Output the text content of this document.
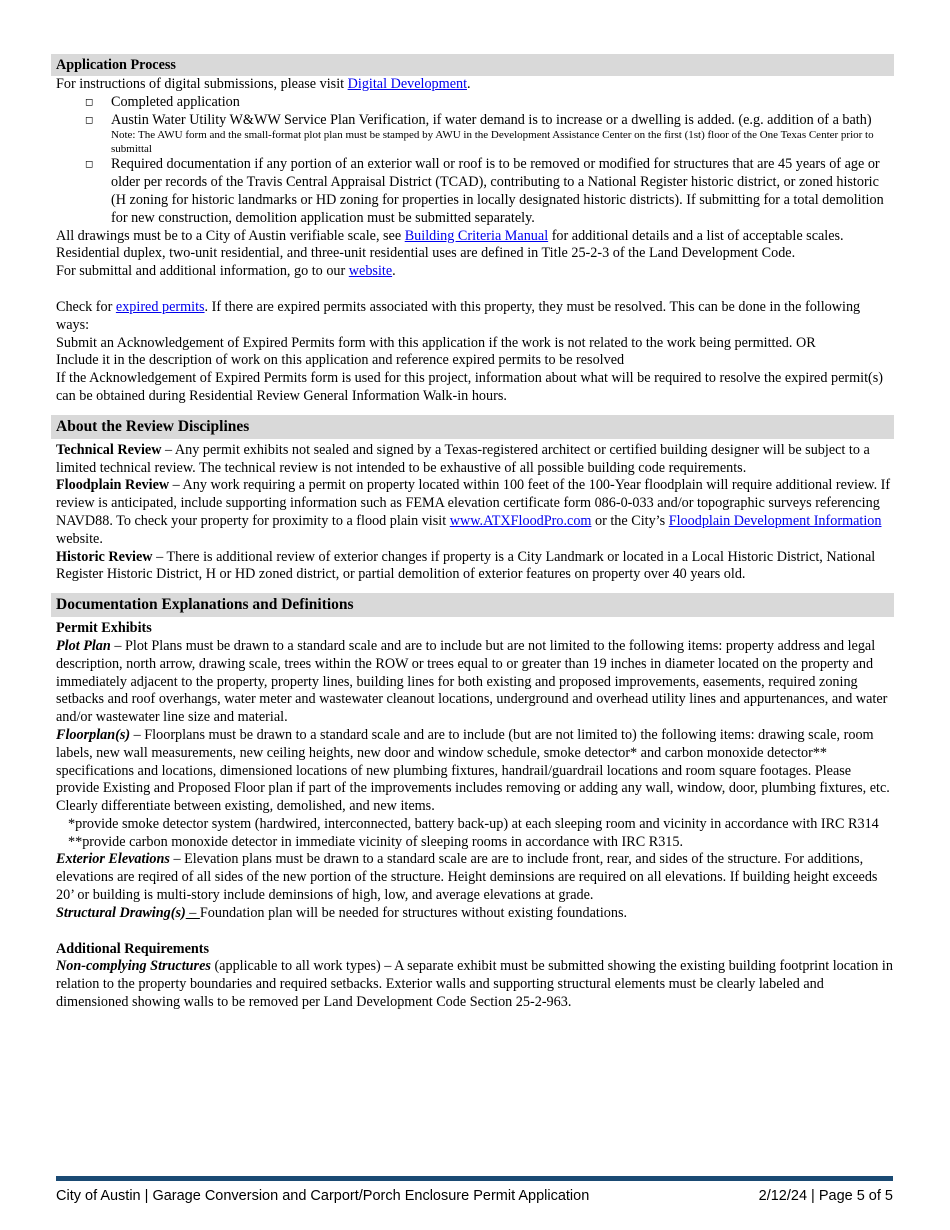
Application Process

For instructions of digital submissions, please visit Digital Development.

◻ Completed application
◻ Austin Water Utility W&WW Service Plan Verification, if water demand is to increase or a dwelling is added. (e.g. addition of a bath)
Note: The AWU form and the small-format plot plan must be stamped by AWU in the Development Assistance Center on the first (1st) floor of the One Texas Center prior to submittal
◻ Required documentation if any portion of an exterior wall or roof is to be removed or modified for structures that are 45 years of age or older per records of the Travis Central Appraisal District (TCAD), contributing to a National Register historic district, or zoned historic (H zoning for historic landmarks or HD zoning for properties in locally designated historic districts). If submitting for a total demolition for new construction, demolition application must be submitted separately.

All drawings must be to a City of Austin verifiable scale, see Building Criteria Manual for additional details and a list of acceptable scales.

Residential duplex, two-unit residential, and three-unit residential uses are defined in Title 25-2-3 of the Land Development Code.

For submittal and additional information, go to our website.

Check for expired permits. If there are expired permits associated with this property, they must be resolved. This can be done in the following ways:

Submit an Acknowledgement of Expired Permits form with this application if the work is not related to the work being permitted. OR

Include it in the description of work on this application and reference expired permits to be resolved

If the Acknowledgement of Expired Permits form is used for this project, information about what will be required to resolve the expired permit(s) can be obtained during Residential Review General Information Walk-in hours.

About the Review Disciplines

Technical Review – Any permit exhibits not sealed and signed by a Texas-registered architect or certified building designer will be subject to a limited technical review. The technical review is not intended to be exhaustive of all possible building code requirements.

Floodplain Review – Any work requiring a permit on property located within 100 feet of the 100-Year floodplain will require additional review. If review is anticipated, include supporting information such as FEMA elevation certificate form 086-0-033 and/or topographic surveys referencing NAVD88. To check your property for proximity to a flood plain visit www.ATXFloodPro.com or the City’s Floodplain Development Information website.

Historic Review – There is additional review of exterior changes if property is a City Landmark or located in a Local Historic District, National Register Historic District, H or HD zoned district, or partial demolition of exterior features on property over 40 years old.

Documentation Explanations and Definitions

Permit Exhibits

Plot Plan – Plot Plans must be drawn to a standard scale and are to include but are not limited to the following items: property address and legal description, north arrow, drawing scale, trees within the ROW or trees equal to or greater than 19 inches in diameter located on the property and immediately adjacent to the property, property lines, building lines for both existing and proposed improvements, easements, required zoning setbacks and roof overhangs, water meter and wastewater cleanout locations, underground and overhead utility lines and appurtenances, and water and/or wastewater line size and material.

Floorplan(s) – Floorplans must be drawn to a standard scale and are to include (but are not limited to) the following items: drawing scale, room labels, new wall measurements, new ceiling heights, new door and window schedule, smoke detector* and carbon monoxide detector** specifications and locations, dimensioned locations of new plumbing fixtures, handrail/guardrail locations and room square footages. Please provide Existing and Proposed Floor plan if part of the improvements includes removing or adding any wall, window, door, plumbing fixtures, etc. Clearly differentiate between existing, demolished, and new items.

*provide smoke detector system (hardwired, interconnected, battery back-up) at each sleeping room and vicinity in accordance with IRC R314

**provide carbon monoxide detector in immediate vicinity of sleeping rooms in accordance with IRC R315.

Exterior Elevations – Elevation plans must be drawn to a standard scale are are to include front, rear, and sides of the structure. For additions, elevations are reqired of all sides of the new portion of the structure. Height deminsions are required on all elevations. If building height exceeds 20’ or building is multi-story include deminsions of high, low, and average elevations at grade.

Structural Drawing(s) – Foundation plan will be needed for structures without existing foundations.

Additional Requirements

Non-complying Structures (applicable to all work types) – A separate exhibit must be submitted showing the existing building footprint location in relation to the property boundaries and required setbacks. Exterior walls and supporting structural elements must be clearly labeled and dimensioned showing walls to be removed per Land Development Code Section 25-2-963.

City of Austin | Garage Conversion and Carport/Porch Enclosure Permit Application	2/12/24 | Page 5 of 5
